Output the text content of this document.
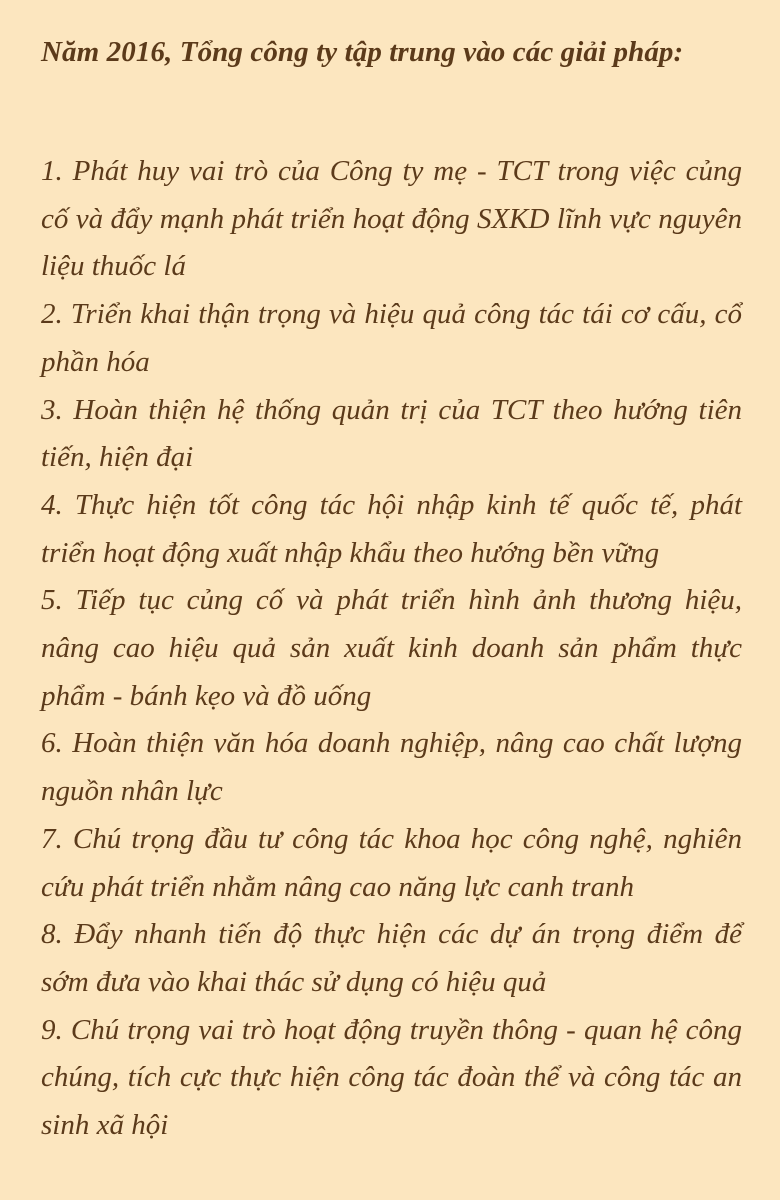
Năm 2016, Tổng công ty tập trung vào các giải pháp:
1. Phát huy vai trò của Công ty mẹ - TCT trong việc củng cố và đẩy mạnh phát triển hoạt động SXKD lĩnh vực nguyên liệu thuốc lá
2. Triển khai thận trọng và hiệu quả công tác tái cơ cấu, cổ phần hóa
3. Hoàn thiện hệ thống quản trị của TCT theo hướng tiên tiến, hiện đại
4. Thực hiện tốt công tác hội nhập kinh tế quốc tế, phát triển hoạt động xuất nhập khẩu theo hướng bền vững
5. Tiếp tục củng cố và phát triển hình ảnh thương hiệu, nâng cao hiệu quả sản xuất kinh doanh sản phẩm thực phẩm - bánh kẹo và đồ uống
6. Hoàn thiện văn hóa doanh nghiệp, nâng cao chất lượng nguồn nhân lực
7. Chú trọng đầu tư công tác khoa học công nghệ, nghiên cứu phát triển nhằm nâng cao năng lực canh tranh
8. Đẩy nhanh tiến độ thực hiện các dự án trọng điểm để sớm đưa vào khai thác sử dụng có hiệu quả
9. Chú trọng vai trò hoạt động truyền thông - quan hệ công chúng, tích cực thực hiện công tác đoàn thể và công tác an sinh xã hội
